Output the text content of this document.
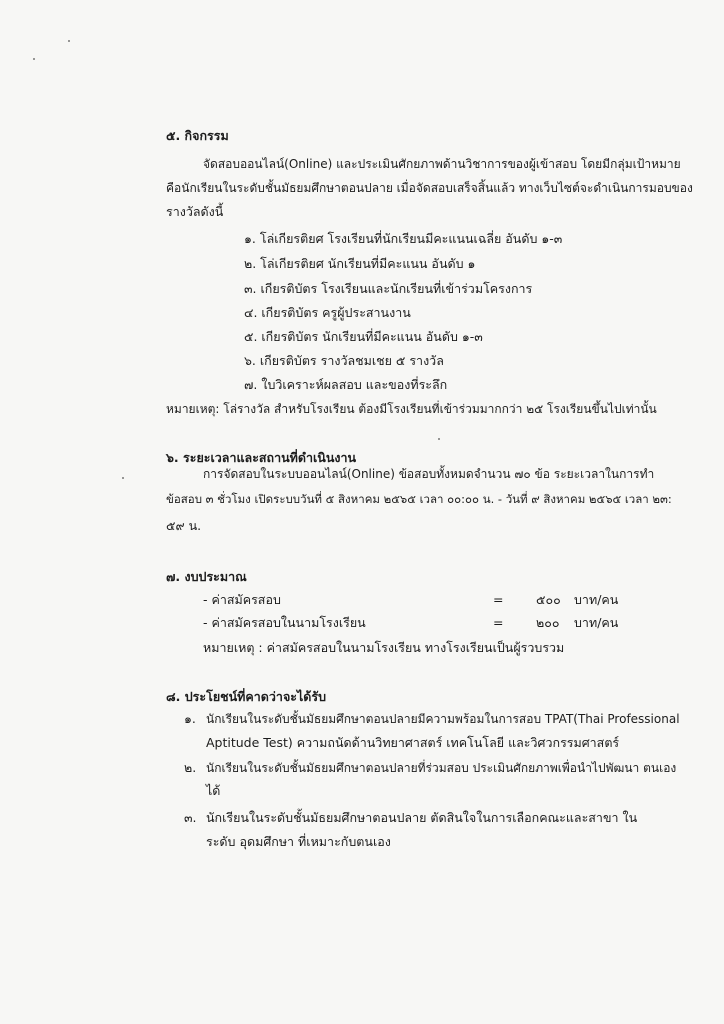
๕. กิจกรรม
จัดสอบออนไลน์(Online) และประเมินศักยภาพด้านวิชาการของผู้เข้าสอบ โดยมีกลุ่มเป้าหมาย
คือนักเรียนในระดับชั้นมัธยมศึกษาตอนปลาย เมื่อจัดสอบเสร็จสิ้นแล้ว ทางเว็บไซต์จะดำเนินการมอบของ
รางวัลดังนี้
๑. โล่เกียรติยศ โรงเรียนที่นักเรียนมีคะแนนเฉลี่ย อันดับ ๑-๓
๒. โล่เกียรติยศ นักเรียนที่มีคะแนน อันดับ ๑
๓. เกียรติบัตร โรงเรียนและนักเรียนที่เข้าร่วมโครงการ
๔. เกียรติบัตร ครูผู้ประสานงาน
๕. เกียรติบัตร นักเรียนที่มีคะแนน อันดับ ๑-๓
๖. เกียรติบัตร รางวัลชมเชย ๕ รางวัล
๗. ใบวิเคราะห์ผลสอบ และของที่ระลึก
หมายเหตุ: โล่รางวัล สำหรับโรงเรียน ต้องมีโรงเรียนที่เข้าร่วมมากกว่า ๒๕ โรงเรียนขึ้นไปเท่านั้น
๖. ระยะเวลาและสถานที่ดำเนินงาน
การจัดสอบในระบบออนไลน์(Online) ข้อสอบทั้งหมดจำนวน ๗๐ ข้อ ระยะเวลาในการทำ
ข้อสอบ ๓ ชั่วโมง เปิดระบบวันที่ ๕ สิงหาคม ๒๕๖๕ เวลา ๐๐:๐๐ น. - วันที่ ๙ สิงหาคม ๒๕๖๕ เวลา ๒๓:
๕๙ น.
๗. งบประมาณ
- ค่าสมัครสอบ	=	๕๐๐ บาท/คน
- ค่าสมัครสอบในนามโรงเรียน	=	๒๐๐ บาท/คน
หมายเหตุ : ค่าสมัครสอบในนามโรงเรียน ทางโรงเรียนเป็นผู้รวบรวม
๘. ประโยชน์ที่คาดว่าจะได้รับ
๑. นักเรียนในระดับชั้นมัธยมศึกษาตอนปลายมีความพร้อมในการสอบ TPAT(Thai Professional
Aptitude Test) ความถนัดด้านวิทยาศาสตร์ เทคโนโลยี และวิศวกรรมศาสตร์
๒. นักเรียนในระดับชั้นมัธยมศึกษาตอนปลายที่ร่วมสอบ ประเมินศักยภาพเพื่อนำไปพัฒนา ตนเอง
ได้
๓. นักเรียนในระดับชั้นมัธยมศึกษาตอนปลาย ตัดสินใจในการเลือกคณะและสาขา ใน
ระดับ อุดมศึกษา ที่เหมาะกับตนเอง
